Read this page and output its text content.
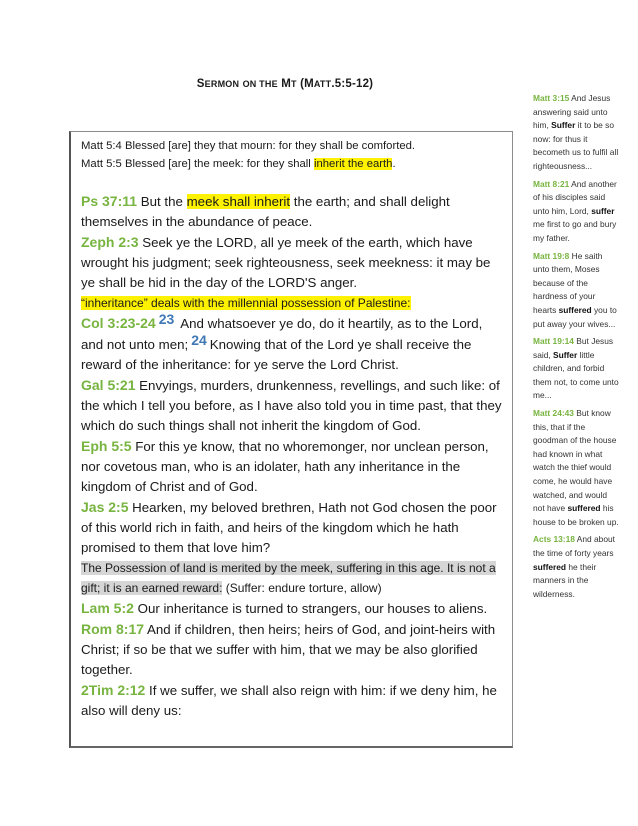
SERMON ON THE MT (MATT.5:5-12)
Matt 5:4 Blessed [are] they that mourn: for they shall be comforted.
Matt 5:5 Blessed [are] the meek: for they shall inherit the earth.
Ps 37:11 But the meek shall inherit the earth; and shall delight themselves in the abundance of peace.
Zeph 2:3 Seek ye the LORD, all ye meek of the earth, which have wrought his judgment; seek righteousness, seek meekness: it may be ye shall be hid in the day of the LORD'S anger.
“inheritance” deals with the millennial possession of Palestine:
Col 3:23-24 23 And whatsoever ye do, do it heartily, as to the Lord, and not unto men; 24 Knowing that of the Lord ye shall receive the reward of the inheritance: for ye serve the Lord Christ.
Gal 5:21 Envyings, murders, drunkenness, revellings, and such like: of the which I tell you before, as I have also told you in time past, that they which do such things shall not inherit the kingdom of God.
Eph 5:5 For this ye know, that no whoremonger, nor unclean person, nor covetous man, who is an idolater, hath any inheritance in the kingdom of Christ and of God.
Jas 2:5 Hearken, my beloved brethren, Hath not God chosen the poor of this world rich in faith, and heirs of the kingdom which he hath promised to them that love him?
The Possession of land is merited by the meek, suffering in this age. It is not a gift; it is an earned reward: (Suffer: endure torture, allow)
Lam 5:2 Our inheritance is turned to strangers, our houses to aliens.
Rom 8:17 And if children, then heirs; heirs of God, and joint-heirs with Christ; if so be that we suffer with him, that we may be also glorified together.
2Tim 2:12 If we suffer, we shall also reign with him: if we deny him, he also will deny us:
Matt 3:15 And Jesus answering said unto him, Suffer it to be so now: for thus it becometh us to fulfil all righteousness...
Matt 8:21 And another of his disciples said unto him, Lord, suffer me first to go and bury my father.
Matt 19:8 He saith unto them, Moses because of the hardness of your hearts suffered you to put away your wives...
Matt 19:14 But Jesus said, Suffer little children, and forbid them not, to come unto me...
Matt 24:43 But know this, that if the goodman of the house had known in what watch the thief would come, he would have watched, and would not have suffered his house to be broken up.
Acts 13:18 And about the time of forty years suffered he their manners in the wilderness.
